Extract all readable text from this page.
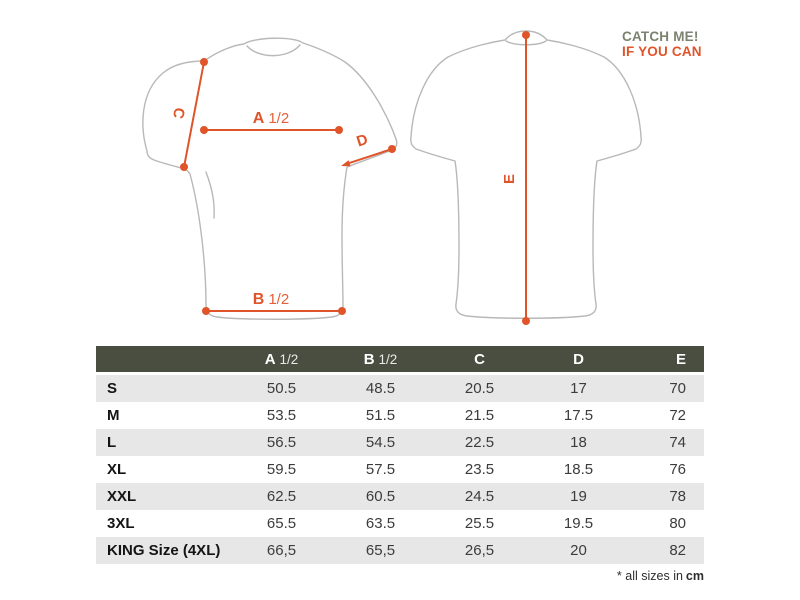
C	A 1/2
D
B 1/2
E
CATCH ME!
IF YOU CAN
	A 1/2	B 1/2	C	D	E
S	50.5	48.5	20.5	17	70
M	53.5	51.5	21.5	17.5	72
L	56.5	54.5	22.5	18	74
XL	59.5	57.5	23.5	18.5	76
XXL	62.5	60.5	24.5	19	78
3XL	65.5	63.5	25.5	19.5	80
KING Size (4XL)	66,5	65,5	26,5	20	82
* all sizes in cm
